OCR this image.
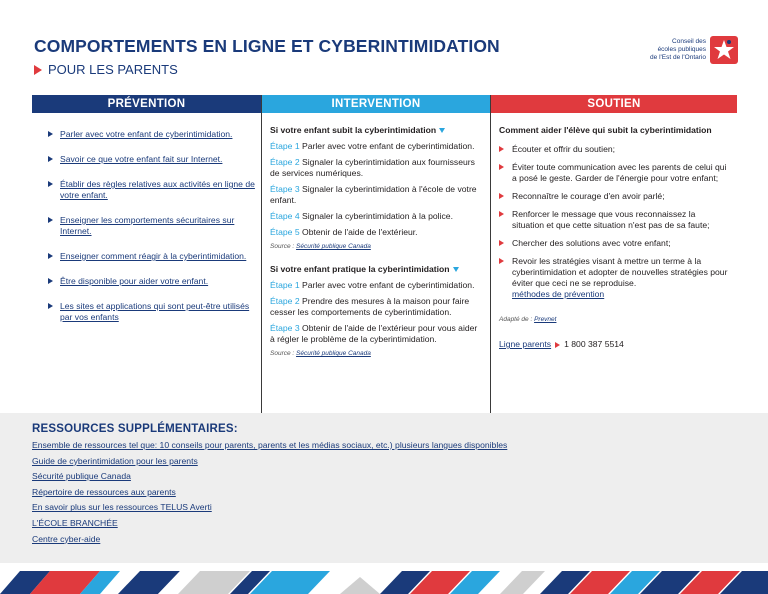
COMPORTEMENTS EN LIGNE ET CYBERINTIMIDATION
POUR LES PARENTS
Conseil des
écoles publiques
de l'Est de l'Ontario
PRÉVENTION
Parler avec votre enfant de cyberintimidation.
Savoir ce que votre enfant fait sur Internet.
Établir des règles relatives aux activités en ligne de votre enfant.
Enseigner les comportements sécuritaires sur Internet.
Enseigner comment réagir à la cyberintimidation.
Être disponible pour aider votre enfant.
Les sites et applications qui sont peut-être utilisés par vos enfants
INTERVENTION
Si votre enfant subit la cyberintimidation
Étape 1 Parler avec votre enfant de cyberintimidation.
Étape 2 Signaler la cyberintimidation aux fournisseurs de services numériques.
Étape 3 Signaler la cyberintimidation à l'école de votre enfant.
Étape 4 Signaler la cyberintimidation à la police.
Étape 5 Obtenir de l'aide de l'extérieur.
Source : Sécurité publique Canada
Si votre enfant pratique la cyberintimidation
Étape 1 Parler avec votre enfant de cyberintimidation.
Étape 2 Prendre des mesures à la maison pour faire cesser les comportements de cyberintimidation.
Étape 3 Obtenir de l'aide de l'extérieur pour vous aider à régler le problème de la cyberintimidation.
Source : Sécurité publique Canada
SOUTIEN
Comment aider l'élève qui subit la cyberintimidation
Écouter et offrir du soutien;
Éviter toute communication avec les parents de celui qui a posé le geste. Garder de l'énergie pour votre enfant;
Reconnaître le courage d'en avoir parlé;
Renforcer le message que vous reconnaissez la situation et que cette situation n'est pas de sa faute;
Chercher des solutions avec votre enfant;
Revoir les stratégies visant à mettre un terme à la cyberintimidation et adopter de nouvelles stratégies pour éviter que ceci ne se reproduise.
méthodes de prévention
Adapté de : Prevnet
Ligne parents 1 800 387 5514
RESSOURCES SUPPLÉMENTAIRES:
Ensemble de ressources tel que: 10 conseils pour parents, parents et les médias sociaux, etc.) plusieurs langues disponibles
Guide de cyberintimidation pour les parents
Sécurité publique Canada
Répertoire de ressources aux parents
En savoir plus sur les ressources TELUS Averti
L'ÉCOLE BRANCHÉE
Centre cyber-aide
